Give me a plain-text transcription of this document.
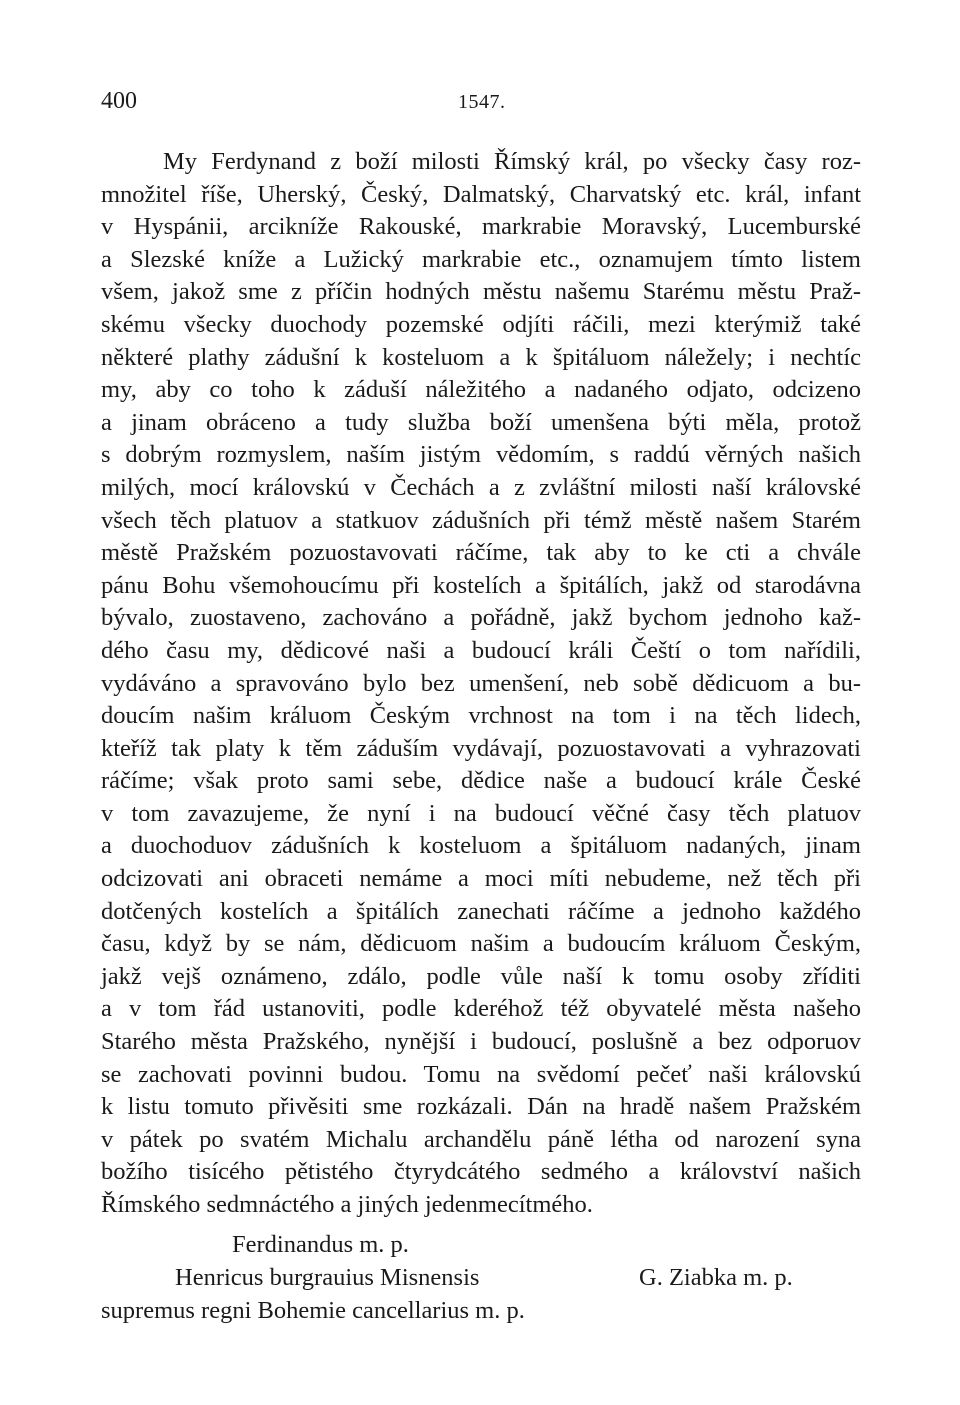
400	1547.
My Ferdynand z boží milosti Římský král, po všecky časy roz-
množitel říše, Uherský, Český, Dalmatský, Charvatský etc. král, infant
v Hyspánii, arcikníže Rakouské, markrabie Moravský, Lucemburské
a Slezské kníže a Lužický markrabie etc., oznamujem tímto listem
všem, jakož sme z příčin hodných městu našemu Starému městu Praž-
skému všecky duochody pozemské odjíti ráčili, mezi kterýmiž také
některé plathy zádušní k kosteluom a k špitáluom náležely; i nechtíc
my, aby co toho k záduší náležitého a nadaného odjato, odcizeno
a jinam obráceno a tudy služba boží umenšena býti měla, protož
s dobrým rozmyslem, naším jistým vědomím, s raddú věrných našich
milých, mocí královskú v Čechách a z zvláštní milosti naší královské
všech těch platuov a statkuov zádušních při témž městě našem Starém
městě Pražském pozuostavovati ráčíme, tak aby to ke cti a chvále
pánu Bohu všemohoucímu při kostelích a špitálích, jakž od starodávna
bývalo, zuostaveno, zachováno a pořádně, jakž bychom jednoho kaž-
dého času my, dědicové naši a budoucí králi Čeští o tom nařídili,
vydáváno a spravováno bylo bez umenšení, neb sobě dědicuom a bu-
doucím našim králuom Českým vrchnost na tom i na těch lidech,
kteříž tak platy k těm záduším vydávají, pozuostavovati a vyhrazovati
ráčíme; však proto sami sebe, dědice naše a budoucí krále České
v tom zavazujeme, že nyní i na budoucí věčné časy těch platuov
a duochoduov zádušních k kosteluom a špitáluom nadaných, jinam
odcizovati ani obraceti nemáme a moci míti nebudeme, než těch při
dotčených kostelích a špitálích zanechati ráčíme a jednoho každého
času, když by se nám, dědicuom našim a budoucím králuom Českým,
jakž vejš oznámeno, zdálo, podle vůle naší k tomu osoby zříditi
a v tom řád ustanoviti, podle kderéhož též obyvatelé města našeho
Starého města Pražského, nynější i budoucí, poslušně a bez odporuov
se zachovati povinni budou. Tomu na svědomí pečeť naši královskú
k listu tomuto přivěsiti sme rozkázali. Dán na hradě našem Pražském
v pátek po svatém Michalu archandělu páně létha od narození syna
božího tisícého pětistého čtyrydcátého sedmého a království našich
Římského sedmnáctého a jiných jedenmecítmého.
Ferdinandus m. p.
Henricus burgrauius Misnensis	G. Ziabka m. p.
supremus regni Bohemie cancellarius m. p.
